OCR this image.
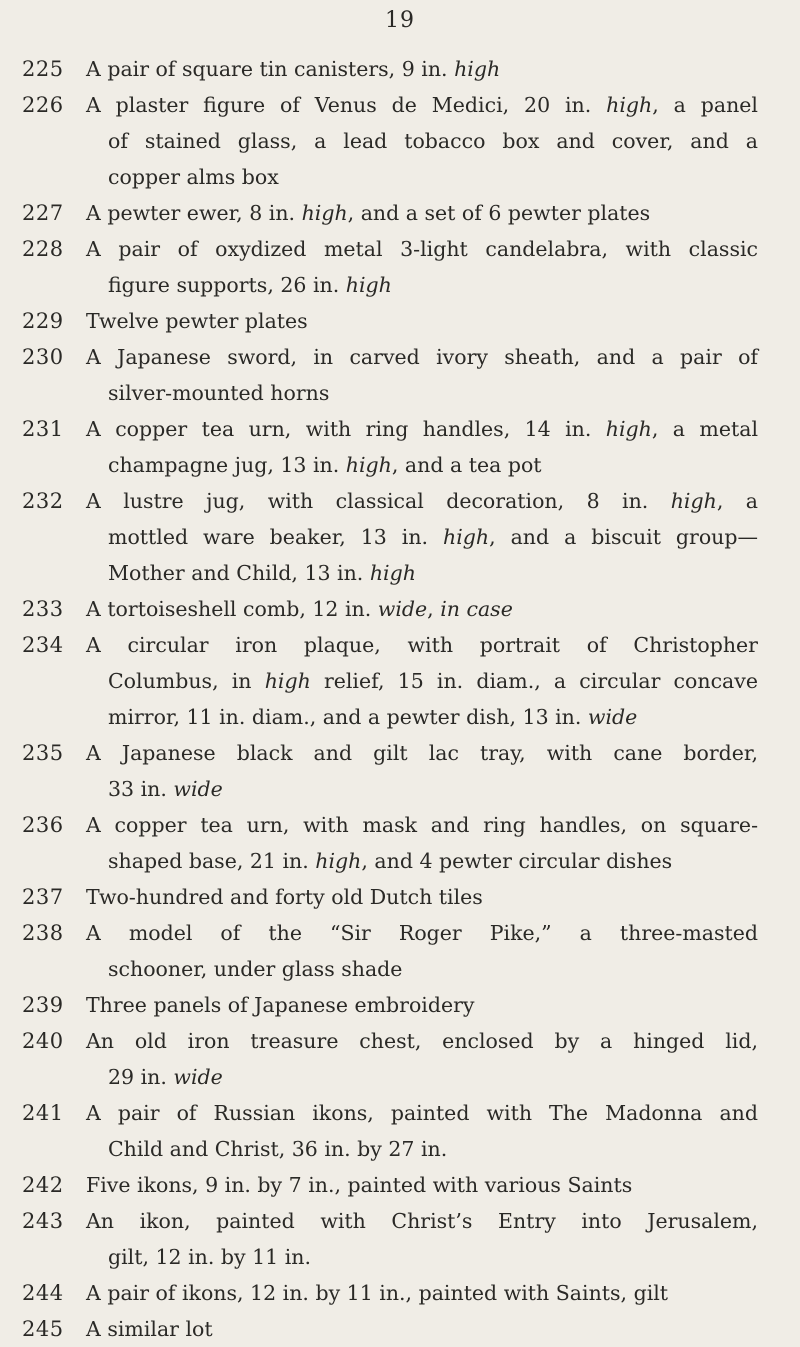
19
225	A pair of square tin canisters, 9 in. high
226	A plaster figure of Venus de Medici, 20 in. high, a panel
of stained glass, a lead tobacco box and cover, and a
copper alms box
227	A pewter ewer, 8 in. high, and a set of 6 pewter plates
228	A pair of oxydized metal 3-light candelabra, with classic
figure supports, 26 in. high
229	Twelve pewter plates
230	A Japanese sword, in carved ivory sheath, and a pair of
silver-mounted horns
231	A copper tea urn, with ring handles, 14 in. high, a metal
champagne jug, 13 in. high, and a tea pot
232	A lustre jug, with classical decoration, 8 in. high, a
mottled ware beaker, 13 in. high, and a biscuit group—
Mother and Child, 13 in. high
233	A tortoiseshell comb, 12 in. wide, in case
234	A circular iron plaque, with portrait of Christopher
Columbus, in high relief, 15 in. diam., a circular concave
mirror, 11 in. diam., and a pewter dish, 13 in. wide
235	A Japanese black and gilt lac tray, with cane border,
33 in. wide
236	A copper tea urn, with mask and ring handles, on square-
shaped base, 21 in. high, and 4 pewter circular dishes
237	Two-hundred and forty old Dutch tiles
238	A model of the “Sir Roger Pike,” a three-masted
schooner, under glass shade
239	Three panels of Japanese embroidery
240	An old iron treasure chest, enclosed by a hinged lid,
29 in. wide
241	A pair of Russian ikons, painted with The Madonna and
Child and Christ, 36 in. by 27 in.
242	Five ikons, 9 in. by 7 in., painted with various Saints
243	An ikon, painted with Christ’s Entry into Jerusalem,
gilt, 12 in. by 11 in.
244	A pair of ikons, 12 in. by 11 in., painted with Saints, gilt
245	A similar lot
